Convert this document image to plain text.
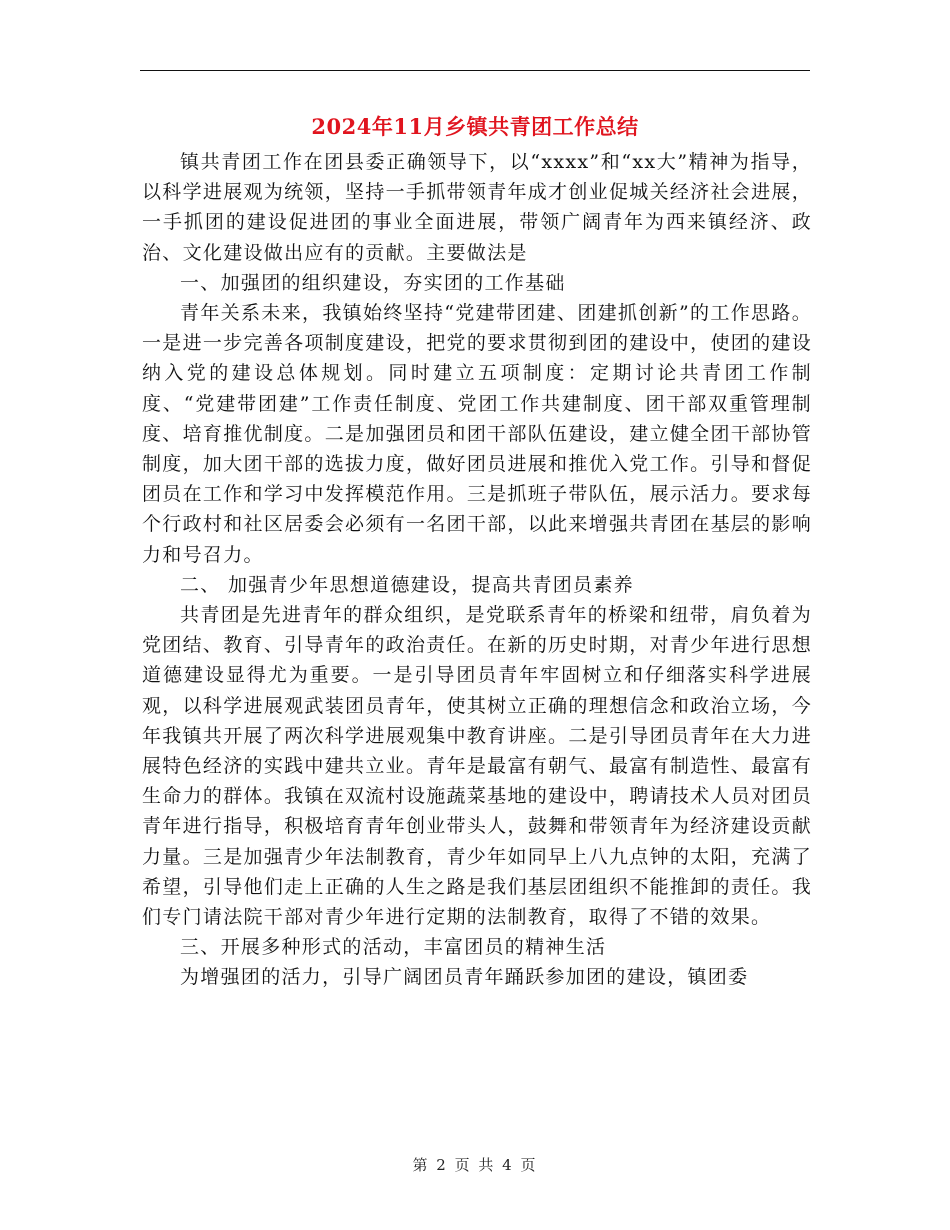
2024年11月乡镇共青团工作总结

镇共青团工作在团县委正确领导下，以“xxxx”和“xx大”精神为指导，以科学进展观为统领，坚持一手抓带领青年成才创业促城关经济社会进展，一手抓团的建设促进团的事业全面进展，带领广阔青年为西来镇经济、政治、文化建设做出应有的贡献。主要做法是

一、加强团的组织建设，夯实团的工作基础

青年关系未来，我镇始终坚持“党建带团建、团建抓创新”的工作思路。一是进一步完善各项制度建设，把党的要求贯彻到团的建设中，使团的建设纳入党的建设总体规划。同时建立五项制度：定期讨论共青团工作制度、“党建带团建”工作责任制度、党团工作共建制度、团干部双重管理制度、培育推优制度。二是加强团员和团干部队伍建设，建立健全团干部协管制度，加大团干部的选拔力度，做好团员进展和推优入党工作。引导和督促团员在工作和学习中发挥模范作用。三是抓班子带队伍，展示活力。要求每个行政村和社区居委会必须有一名团干部，以此来增强共青团在基层的影响力和号召力。

二、 加强青少年思想道德建设，提高共青团员素养

共青团是先进青年的群众组织，是党联系青年的桥梁和纽带，肩负着为党团结、教育、引导青年的政治责任。在新的历史时期，对青少年进行思想道德建设显得尤为重要。一是引导团员青年牢固树立和仔细落实科学进展观，以科学进展观武装团员青年，使其树立正确的理想信念和政治立场，今年我镇共开展了两次科学进展观集中教育讲座。二是引导团员青年在大力进展特色经济的实践中建共立业。青年是最富有朝气、最富有制造性、最富有生命力的群体。我镇在双流村设施蔬菜基地的建设中，聘请技术人员对团员青年进行指导，积极培育青年创业带头人，鼓舞和带领青年为经济建设贡献力量。三是加强青少年法制教育，青少年如同早上八九点钟的太阳，充满了希望，引导他们走上正确的人生之路是我们基层团组织不能推卸的责任。我们专门请法院干部对青少年进行定期的法制教育，取得了不错的效果。

三、开展多种形式的活动，丰富团员的精神生活

为增强团的活力，引导广阔团员青年踊跃参加团的建设，镇团委

第 2 页 共 4 页
